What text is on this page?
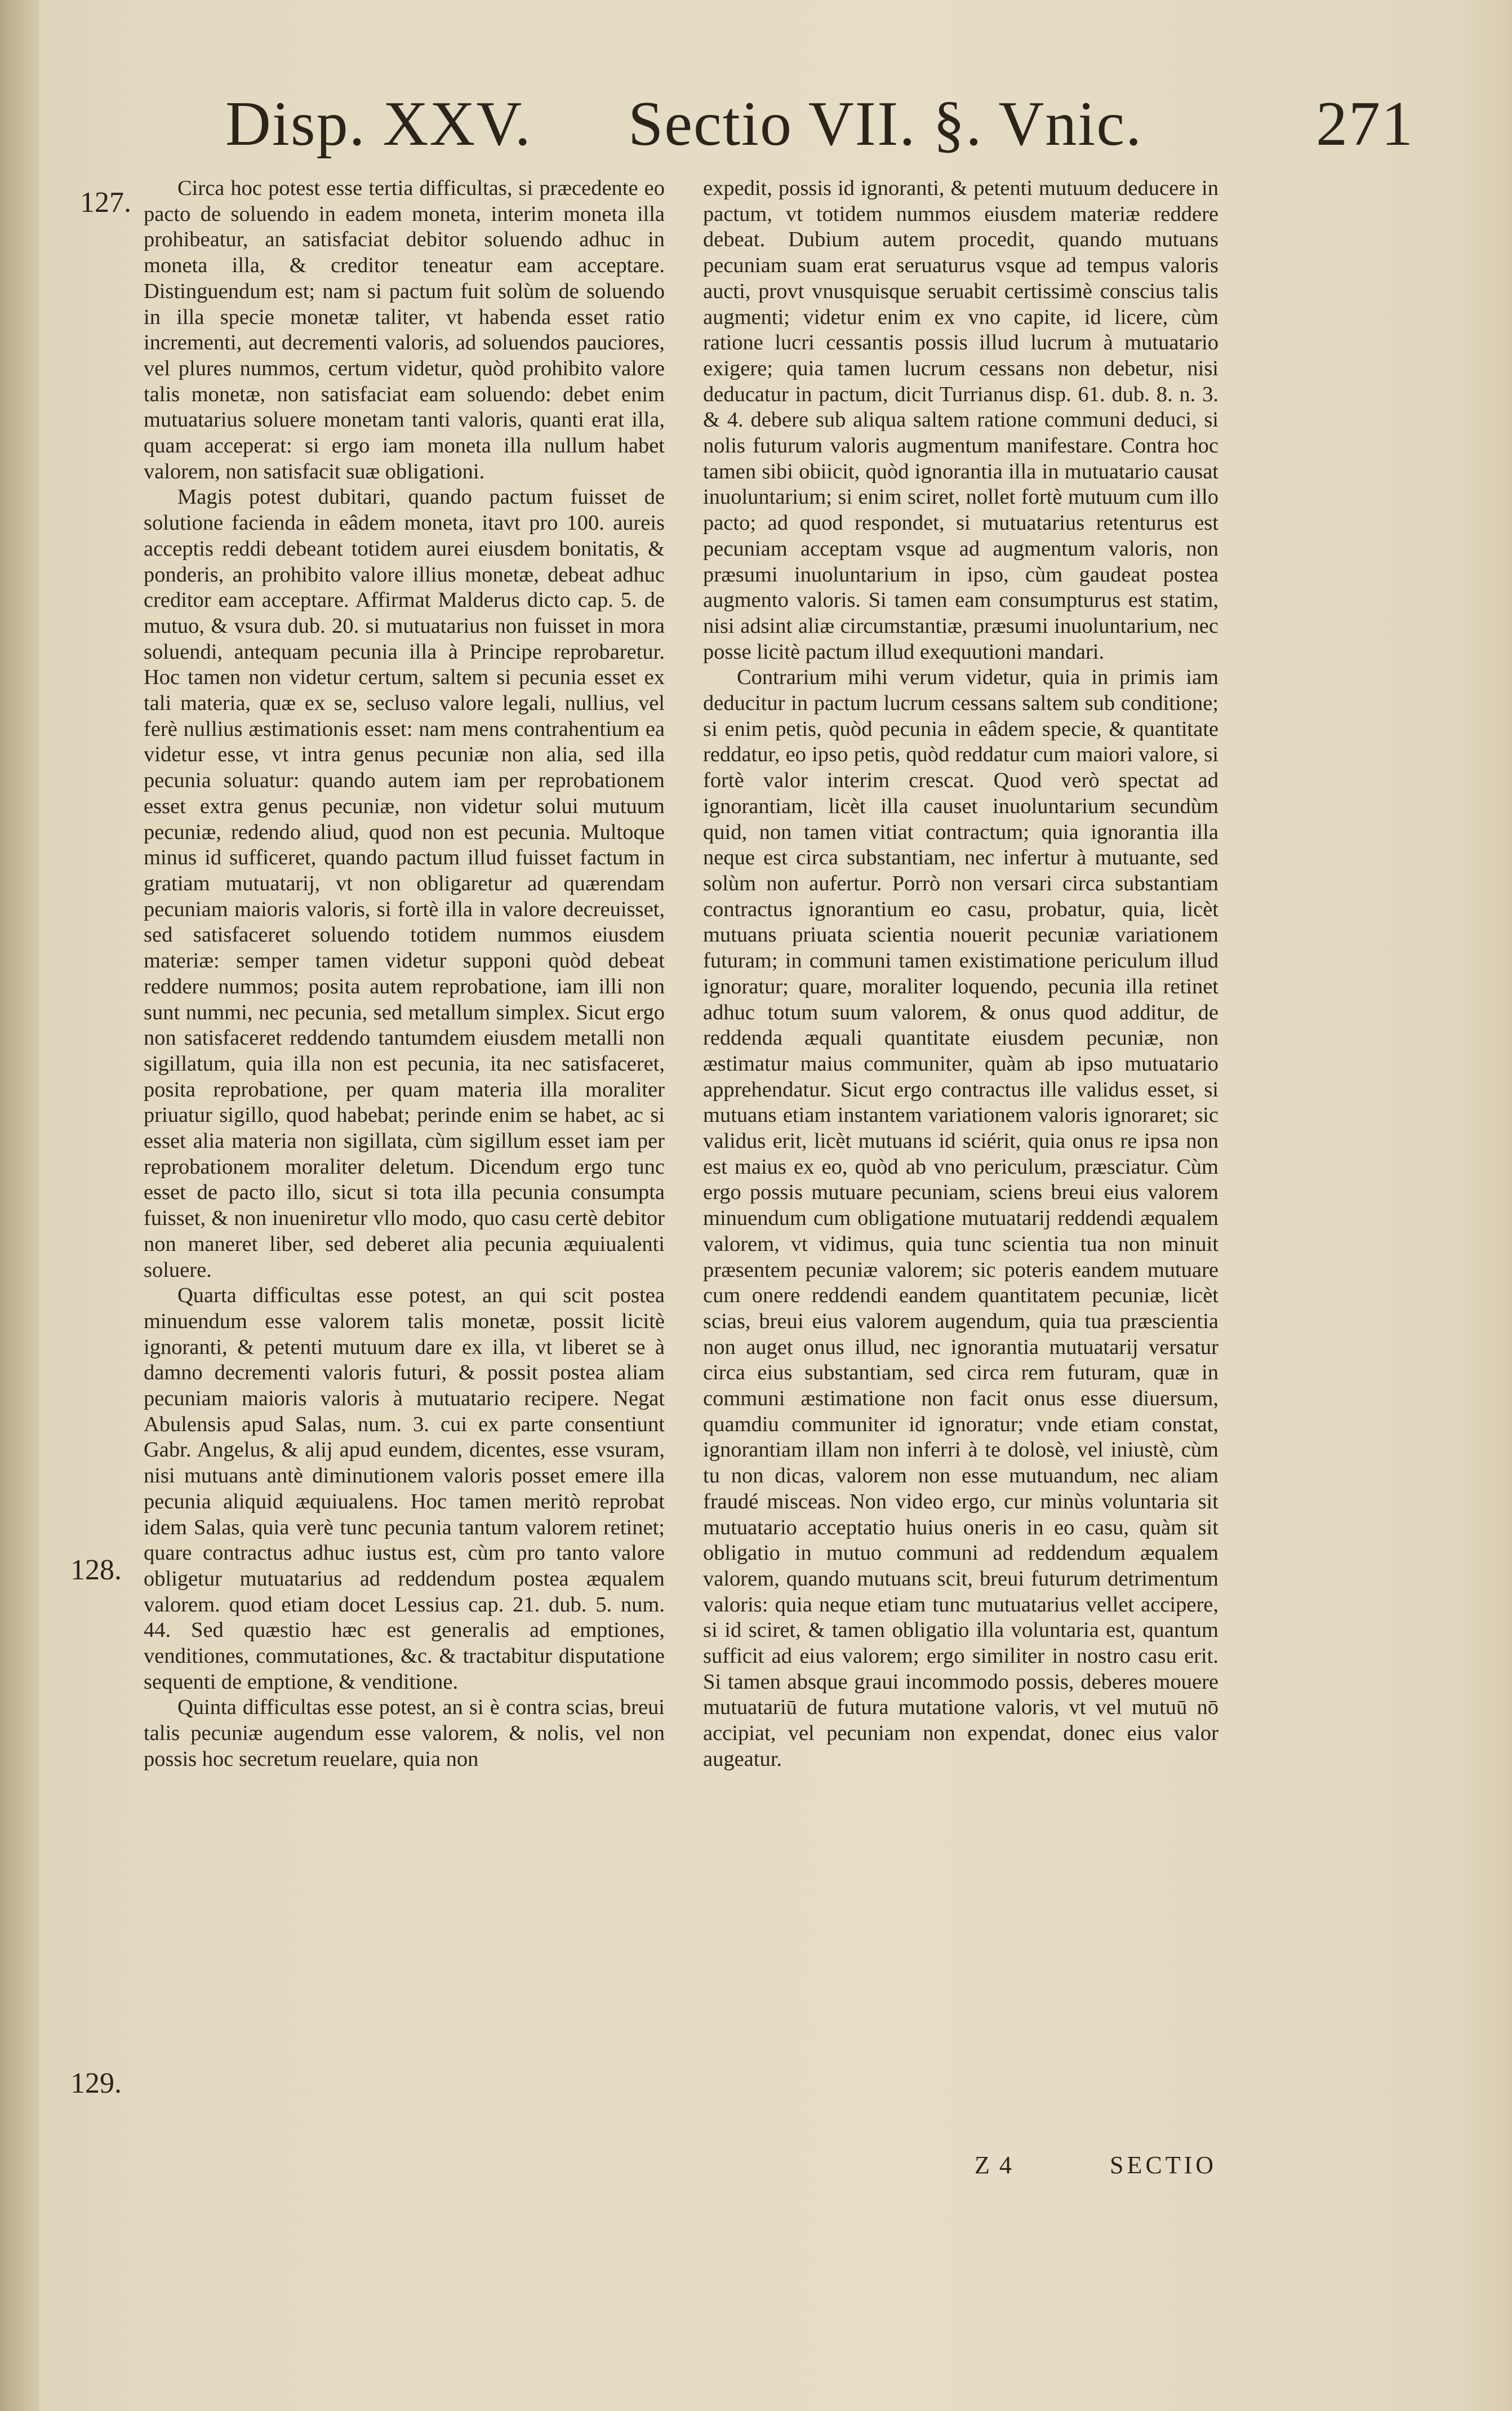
Disp. XXV. Sectio VII. §. Vnic.	271
127.
128.
129.

Circa hoc potest esse tertia difficultas, si præcedente eo pacto de soluendo in eadem moneta, interim moneta illa prohibeatur, an satisfaciat debitor soluendo adhuc in moneta illa, & creditor teneatur eam acceptare. Distinguendum est; nam si pactum fuit solùm de soluendo in illa specie monetæ taliter, vt habenda esset ratio incrementi, aut decrementi valoris, ad soluendos pauciores, vel plures nummos, certum videtur, quòd prohibito valore talis monetæ, non satisfaciat eam soluendo: debet enim mutuatarius soluere monetam tanti valoris, quanti erat illa, quam acceperat: si ergo iam moneta illa nullum habet valorem, non satisfacit suæ obligationi.

Magis potest dubitari, quando pactum fuisset de solutione facienda in eâdem moneta, itavt pro 100. aureis acceptis reddi debeant totidem aurei eiusdem bonitatis, & ponderis, an prohibito valore illius monetæ, debeat adhuc creditor eam acceptare. Affirmat Malderus dicto cap. 5. de mutuo, & vsura dub. 20. si mutuatarius non fuisset in mora soluendi, antequam pecunia illa à Principe reprobaretur. Hoc tamen non videtur certum, saltem si pecunia esset ex tali materia, quæ ex se, secluso valore legali, nullius, vel ferè nullius æstimationis esset: nam mens contrahentium ea videtur esse, vt intra genus pecuniæ non alia, sed illa pecunia soluatur: quando autem iam per reprobationem esset extra genus pecuniæ, non videtur solui mutuum pecuniæ, redendo aliud, quod non est pecunia. Multoque minus id sufficeret, quando pactum illud fuisset factum in gratiam mutuatarij, vt non obligaretur ad quærendam pecuniam maioris valoris, si fortè illa in valore decreuisset, sed satisfaceret soluendo totidem nummos eiusdem materiæ: semper tamen videtur supponi quòd debeat reddere nummos; posita autem reprobatione, iam illi non sunt nummi, nec pecunia, sed metallum simplex. Sicut ergo non satisfaceret reddendo tantumdem eiusdem metalli non sigillatum, quia illa non est pecunia, ita nec satisfaceret, posita reprobatione, per quam materia illa moraliter priuatur sigillo, quod habebat; perinde enim se habet, ac si esset alia materia non sigillata, cùm sigillum esset iam per reprobationem moraliter deletum. Dicendum ergo tunc esset de pacto illo, sicut si tota illa pecunia consumpta fuisset, & non inueniretur vllo modo, quo casu certè debitor non maneret liber, sed deberet alia pecunia æquiualenti soluere.

Quarta difficultas esse potest, an qui scit postea minuendum esse valorem talis monetæ, possit licitè ignoranti, & petenti mutuum dare ex illa, vt liberet se à damno decrementi valoris futuri, & possit postea aliam pecuniam maioris valoris à mutuatario recipere. Negat Abulensis apud Salas, num. 3. cui ex parte consentiunt Gabr. Angelus, & alij apud eundem, dicentes, esse vsuram, nisi mutuans antè diminutionem valoris posset emere illa pecunia aliquid æquiualens. Hoc tamen meritò reprobat idem Salas, quia verè tunc pecunia tantum valorem retinet; quare contractus adhuc iustus est, cùm pro tanto valore obligetur mutuatarius ad reddendum postea æqualem valorem. quod etiam docet Lessius cap. 21. dub. 5. num. 44. Sed quæstio hæc est generalis ad emptiones, venditiones, commutationes, &c. & tractabitur disputatione sequenti de emptione, & venditione.

Quinta difficultas esse potest, an si è contra scias, breui talis pecuniæ augendum esse valorem, & nolis, vel non possis hoc secretum reuelare, quia non

expedit, possis id ignoranti, & petenti mutuum deducere in pactum, vt totidem nummos eiusdem materiæ reddere debeat. Dubium autem procedit, quando mutuans pecuniam suam erat seruaturus vsque ad tempus valoris aucti, provt vnusquisque seruabit certissimè conscius talis augmenti; videtur enim ex vno capite, id licere, cùm ratione lucri cessantis possis illud lucrum à mutuatario exigere; quia tamen lucrum cessans non debetur, nisi deducatur in pactum, dicit Turrianus disp. 61. dub. 8. n. 3. & 4. debere sub aliqua saltem ratione communi deduci, si nolis futurum valoris augmentum manifestare. Contra hoc tamen sibi obiicit, quòd ignorantia illa in mutuatario causat inuoluntarium; si enim sciret, nollet fortè mutuum cum illo pacto; ad quod respondet, si mutuatarius retenturus est pecuniam acceptam vsque ad augmentum valoris, non præsumi inuoluntarium in ipso, cùm gaudeat postea augmento valoris. Si tamen eam consumpturus est statim, nisi adsint aliæ circumstantiæ, præsumi inuoluntarium, nec posse licitè pactum illud exequutioni mandari.

Contrarium mihi verum videtur, quia in primis iam deducitur in pactum lucrum cessans saltem sub conditione; si enim petis, quòd pecunia in eâdem specie, & quantitate reddatur, eo ipso petis, quòd reddatur cum maiori valore, si fortè valor interim crescat. Quod verò spectat ad ignorantiam, licèt illa causet inuoluntarium secundùm quid, non tamen vitiat contractum; quia ignorantia illa neque est circa substantiam, nec infertur à mutuante, sed solùm non aufertur. Porrò non versari circa substantiam contractus ignorantium eo casu, probatur, quia, licèt mutuans priuata scientia nouerit pecuniæ variationem futuram; in communi tamen existimatione periculum illud ignoratur; quare, moraliter loquendo, pecunia illa retinet adhuc totum suum valorem, & onus quod additur, de reddenda æquali quantitate eiusdem pecuniæ, non æstimatur maius communiter, quàm ab ipso mutuatario apprehendatur. Sicut ergo contractus ille validus esset, si mutuans etiam instantem variationem valoris ignoraret; sic validus erit, licèt mutuans id sciérit, quia onus re ipsa non est maius ex eo, quòd ab vno periculum, præsciatur. Cùm ergo possis mutuare pecuniam, sciens breui eius valorem minuendum cum obligatione mutuatarij reddendi æqualem valorem, vt vidimus, quia tunc scientia tua non minuit præsentem pecuniæ valorem; sic poteris eandem mutuare cum onere reddendi eandem quantitatem pecuniæ, licèt scias, breui eius valorem augendum, quia tua præscientia non auget onus illud, nec ignorantia mutuatarij versatur circa eius substantiam, sed circa rem futuram, quæ in communi æstimatione non facit onus esse diuersum, quamdiu communiter id ignoratur; vnde etiam constat, ignorantiam illam non inferri à te dolosè, vel iniustè, cùm tu non dicas, valorem non esse mutuandum, nec aliam fraudé misceas. Non video ergo, cur minùs voluntaria sit mutuatario acceptatio huius oneris in eo casu, quàm sit obligatio in mutuo communi ad reddendum æqualem valorem, quando mutuans scit, breui futurum detrimentum valoris: quia neque etiam tunc mutuatarius vellet accipere, si id sciret, & tamen obligatio illa voluntaria est, quantum sufficit ad eius valorem; ergo similiter in nostro casu erit. Si tamen absque graui incommodo possis, deberes mouere mutuatariū de futura mutatione valoris, vt vel mutuū nō accipiat, vel pecuniam non expendat, donec eius valor augeatur.

Z 4	SECTIO
